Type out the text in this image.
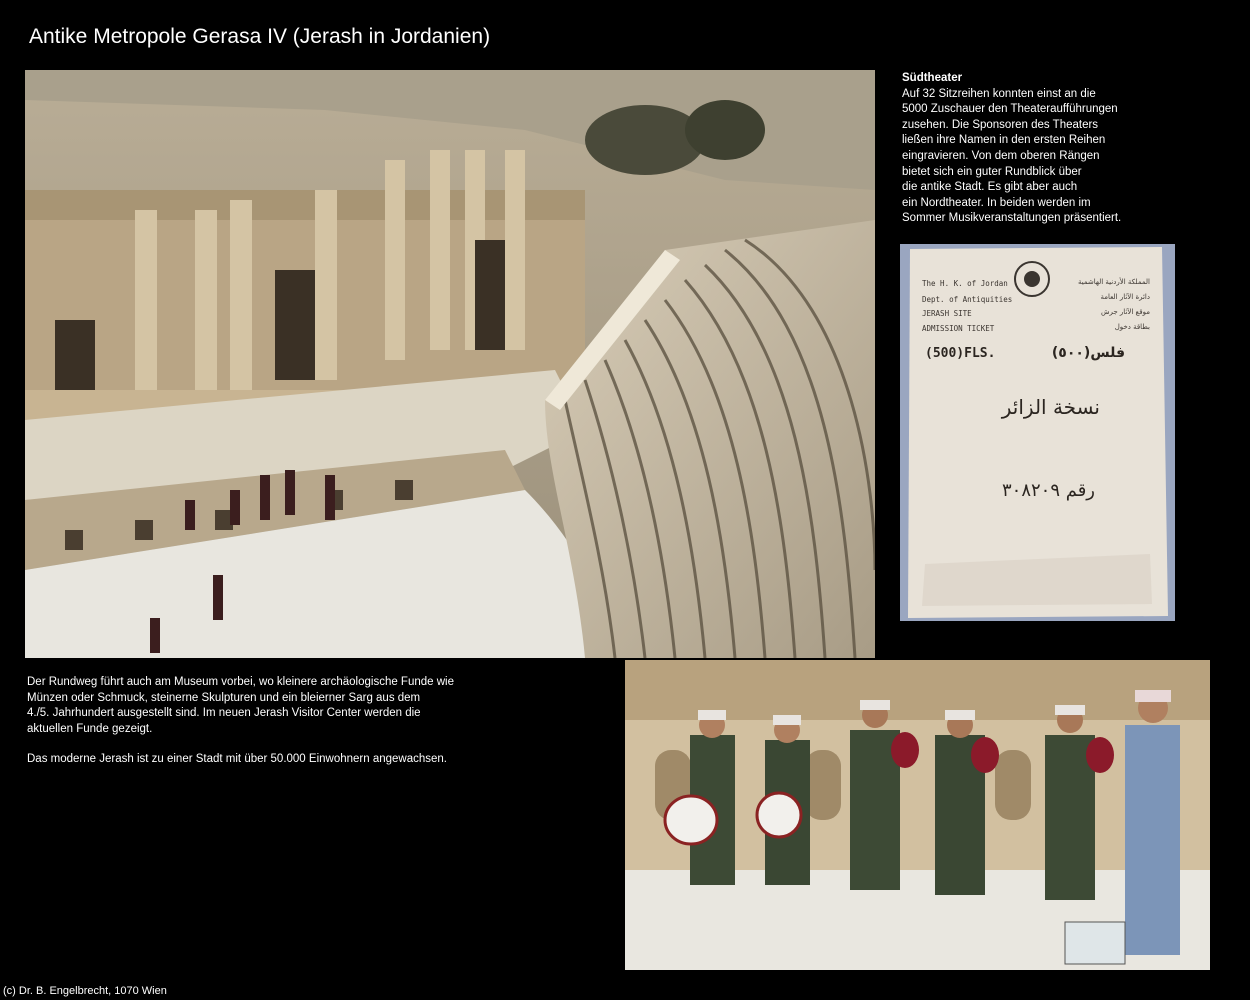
Antike Metropole Gerasa IV (Jerash in Jordanien)
Südtheater
Auf 32 Sitzreihen konnten einst an die
5000 Zuschauer den Theateraufführungen
zusehen. Die Sponsoren des Theaters
ließen ihre Namen in den ersten Reihen
eingravieren. Von dem oberen Rängen
bietet sich ein guter Rundblick über
die antike Stadt. Es gibt aber auch
ein Nordtheater. In beiden werden im
Sommer Musikveranstaltungen präsentiert.
The H. K. of Jordan
Dept. of Antiquities
JERASH SITE
ADMISSION TICKET
المملكة الأردنية الهاشمية
دائرة الآثار العامة
موقع الآثار جرش
بطاقة دخول
(500)FLS.	(٥٠٠)فلس
نسخة الزائر
رقم ٣٠٨٢٠٩
Der Rundweg führt auch am Museum vorbei, wo kleinere archäologische Funde wie
Münzen oder Schmuck, steinerne Skulpturen und ein bleierner Sarg aus dem
4./5. Jahrhundert ausgestellt sind. Im neuen Jerash Visitor Center werden die
aktuellen Funde gezeigt.
Das moderne Jerash ist zu einer Stadt mit über 50.000 Einwohnern angewachsen.
(c) Dr. B. Engelbrecht, 1070 Wien
